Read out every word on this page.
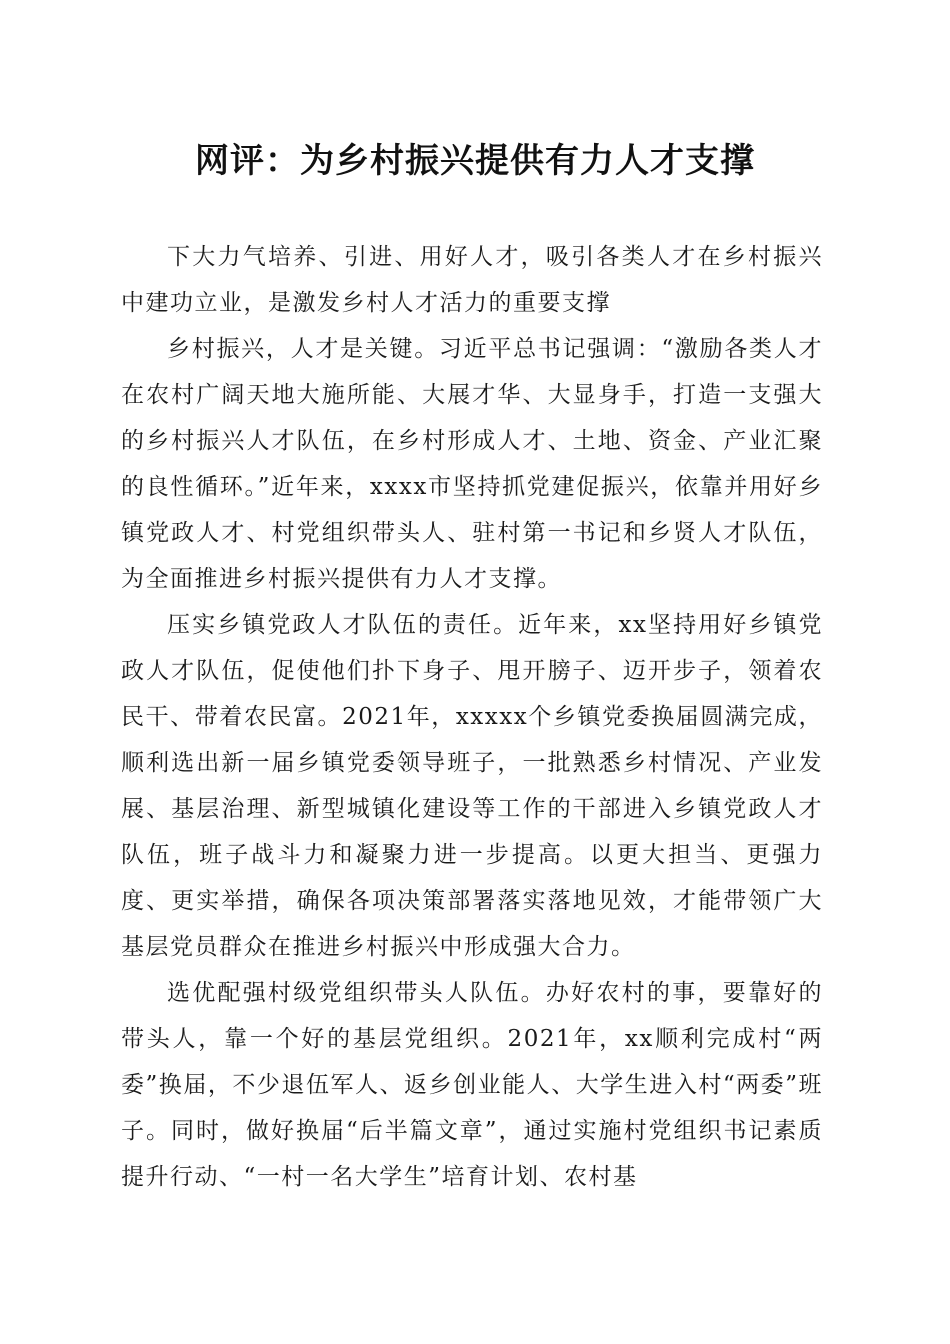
网评：为乡村振兴提供有力人才支撑

下大力气培养、引进、用好人才，吸引各类人才在乡村振兴中建功立业，是激发乡村人才活力的重要支撑

乡村振兴，人才是关键。习近平总书记强调：“激励各类人才在农村广阔天地大施所能、大展才华、大显身手，打造一支强大的乡村振兴人才队伍，在乡村形成人才、土地、资金、产业汇聚的良性循环。”近年来，xxxx市坚持抓党建促振兴，依靠并用好乡镇党政人才、村党组织带头人、驻村第一书记和乡贤人才队伍，为全面推进乡村振兴提供有力人才支撑。

压实乡镇党政人才队伍的责任。近年来，xx坚持用好乡镇党政人才队伍，促使他们扑下身子、甩开膀子、迈开步子，领着农民干、带着农民富。2021年，xxxxx个乡镇党委换届圆满完成，顺利选出新一届乡镇党委领导班子，一批熟悉乡村情况、产业发展、基层治理、新型城镇化建设等工作的干部进入乡镇党政人才队伍，班子战斗力和凝聚力进一步提高。以更大担当、更强力度、更实举措，确保各项决策部署落实落地见效，才能带领广大基层党员群众在推进乡村振兴中形成强大合力。

选优配强村级党组织带头人队伍。办好农村的事，要靠好的带头人，靠一个好的基层党组织。2021年，xx顺利完成村“两委”换届，不少退伍军人、返乡创业能人、大学生进入村“两委”班子。同时，做好换届“后半篇文章”，通过实施村党组织书记素质提升行动、“一村一名大学生”培育计划、农村基
